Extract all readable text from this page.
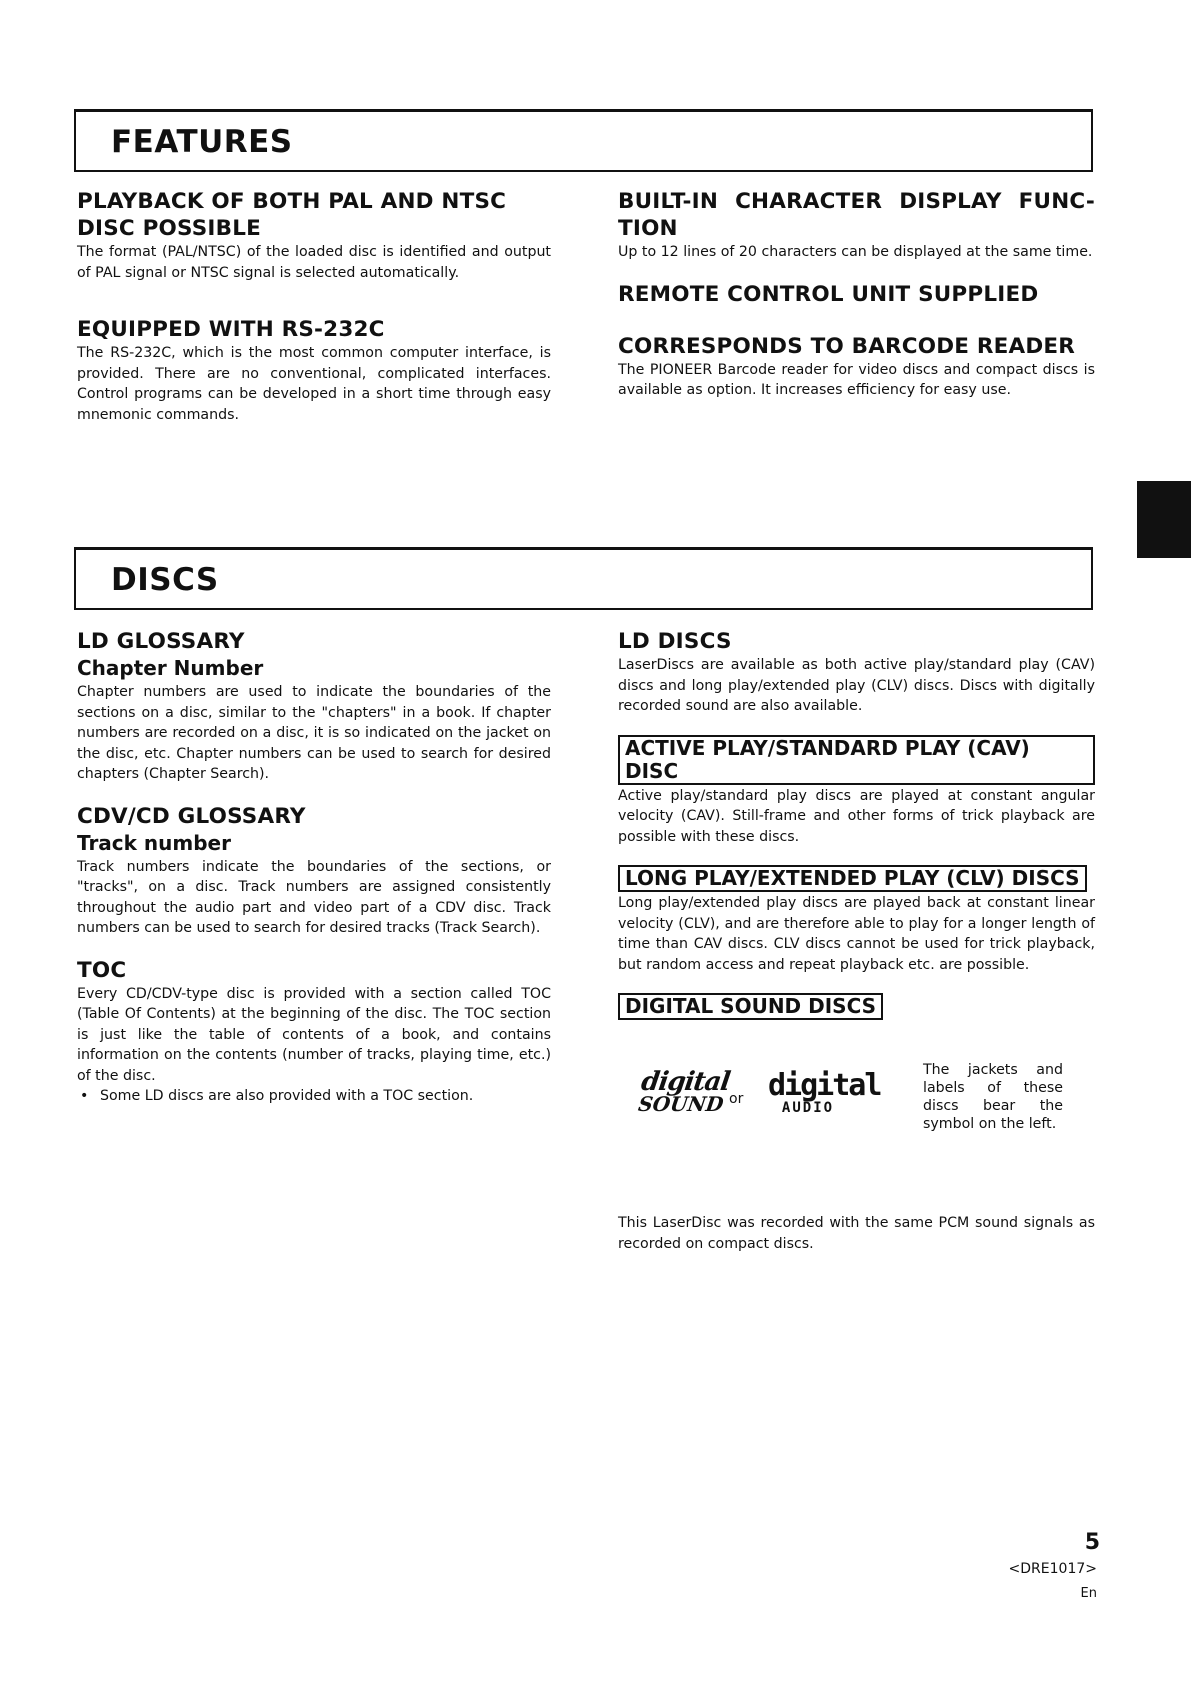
FEATURES
PLAYBACK OF BOTH PAL AND NTSC DISC POSSIBLE

The format (PAL/NTSC) of the loaded disc is identified and output of PAL signal or NTSC signal is selected automatically.

EQUIPPED WITH RS-232C

The RS-232C, which is the most common computer interface, is provided. There are no conventional, complicated interfaces. Control programs can be developed in a short time through easy mnemonic commands.

BUILT-IN CHARACTER DISPLAY FUNC-
TION

Up to 12 lines of 20 characters can be displayed at the same time.

REMOTE CONTROL UNIT SUPPLIED
CORRESPONDS TO BARCODE READER

The PIONEER Barcode reader for video discs and compact discs is available as option. It increases efficiency for easy use.

DISCS
LD GLOSSARY
Chapter Number

Chapter numbers are used to indicate the boundaries of the sections on a disc, similar to the "chapters" in a book. If chapter numbers are recorded on a disc, it is so indicated on the jacket on the disc, etc. Chapter numbers can be used to search for desired chapters (Chapter Search).

CDV/CD GLOSSARY
Track number

Track numbers indicate the boundaries of the sections, or "tracks", on a disc. Track numbers are assigned consistently throughout the audio part and video part of a CDV disc. Track numbers can be used to search for desired tracks (Track Search).

TOC

Every CD/CDV-type disc is provided with a section called TOC (Table Of Contents) at the beginning of the disc. The TOC section is just like the table of contents of a book, and contains information on the contents (number of tracks, playing time, etc.) of the disc.

• Some LD discs are also provided with a TOC section.

LD DISCS

LaserDiscs are available as both active play/standard play (CAV) discs and long play/extended play (CLV) discs. Discs with digitally recorded sound are also available.

ACTIVE PLAY/STANDARD PLAY (CAV) DISC

Active play/standard play discs are played at constant angular velocity (CAV). Still-frame and other forms of trick playback are possible with these discs.

LONG PLAY/EXTENDED PLAY (CLV) DISCS

Long play/extended play discs are played back at constant linear velocity (CLV), and are therefore able to play for a longer length of time than CAV discs. CLV discs cannot be used for trick playback, but random access and repeat playback etc. are possible.

DIGITAL SOUND DISCS
digital
SOUND or digital
AUDIO

The jackets and labels of these discs bear the symbol on the left.

This LaserDisc was recorded with the same PCM sound signals as recorded on compact discs.

5
<DRE1017>
En
